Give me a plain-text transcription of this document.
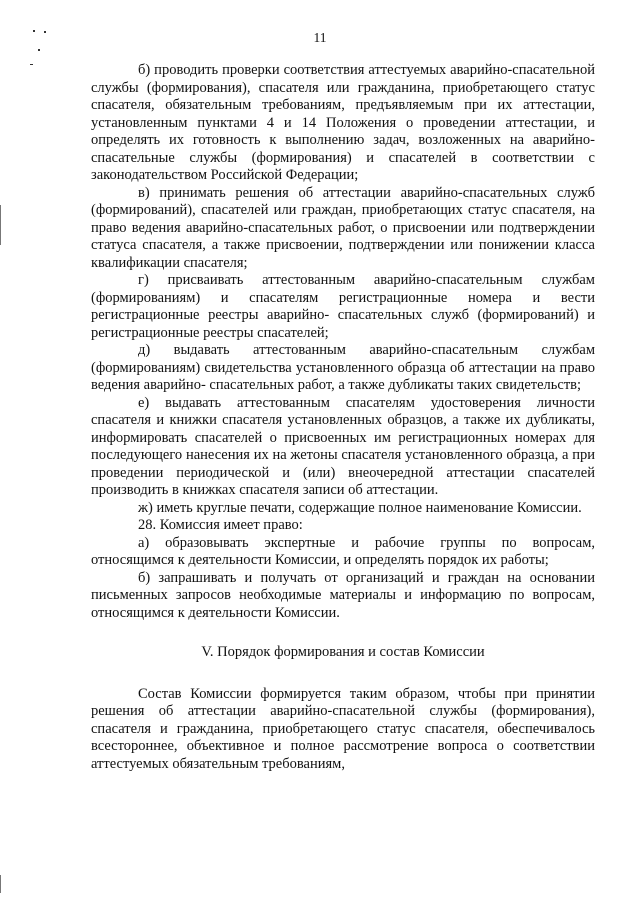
11

б) проводить проверки соответствия аттестуемых аварийно-спасательной службы (формирования), спасателя или гражданина, приобретающего статус спасателя, обязательным требованиям, предъявляемым при их аттестации, установленным пунктами 4 и 14 Положения о проведении аттестации, и определять их готовность к выполнению задач, возложенных на аварийно-спасательные службы (формирования) и спасателей в соответствии с законодательством Российской Федерации;

в) принимать решения об аттестации аварийно-спасательных служб (формирований), спасателей или граждан, приобретающих статус спасателя, на право ведения аварийно-спасательных работ, о присвоении или подтверждении статуса спасателя, а также присвоении, подтверждении или понижении класса квалификации спасателя;

г) присваивать аттестованным аварийно-спасательным службам (формированиям) и спасателям регистрационные номера и вести регистрационные реестры аварийно- спасательных служб (формирований) и регистрационные реестры спасателей;

д) выдавать аттестованным аварийно-спасательным службам (формированиям) свидетельства установленного образца об аттестации на право ведения аварийно- спасательных работ, а также дубликаты таких свидетельств;

е) выдавать аттестованным спасателям удостоверения личности спасателя и книжки спасателя установленных образцов, а также их дубликаты, информировать спасателей о присвоенных им регистрационных номерах для последующего нанесения их на жетоны спасателя установленного образца, а при проведении периодической и (или) внеочередной аттестации спасателей производить в книжках спасателя записи об аттестации.

ж) иметь круглые печати, содержащие полное наименование Комиссии.

28. Комиссия имеет право:

а) образовывать экспертные и рабочие группы по вопросам, относящимся к деятельности Комиссии, и определять порядок их работы;

б) запрашивать и получать от организаций и граждан на основании письменных запросов необходимые материалы и информацию по вопросам, относящимся к деятельности Комиссии.

V. Порядок формирования и состав Комиссии

Состав Комиссии формируется таким образом, чтобы при принятии решения об аттестации аварийно-спасательной службы (формирования), спасателя и гражданина, приобретающего статус спасателя, обеспечивалось всестороннее, объективное и полное рассмотрение вопроса о соответствии аттестуемых обязательным требованиям,
